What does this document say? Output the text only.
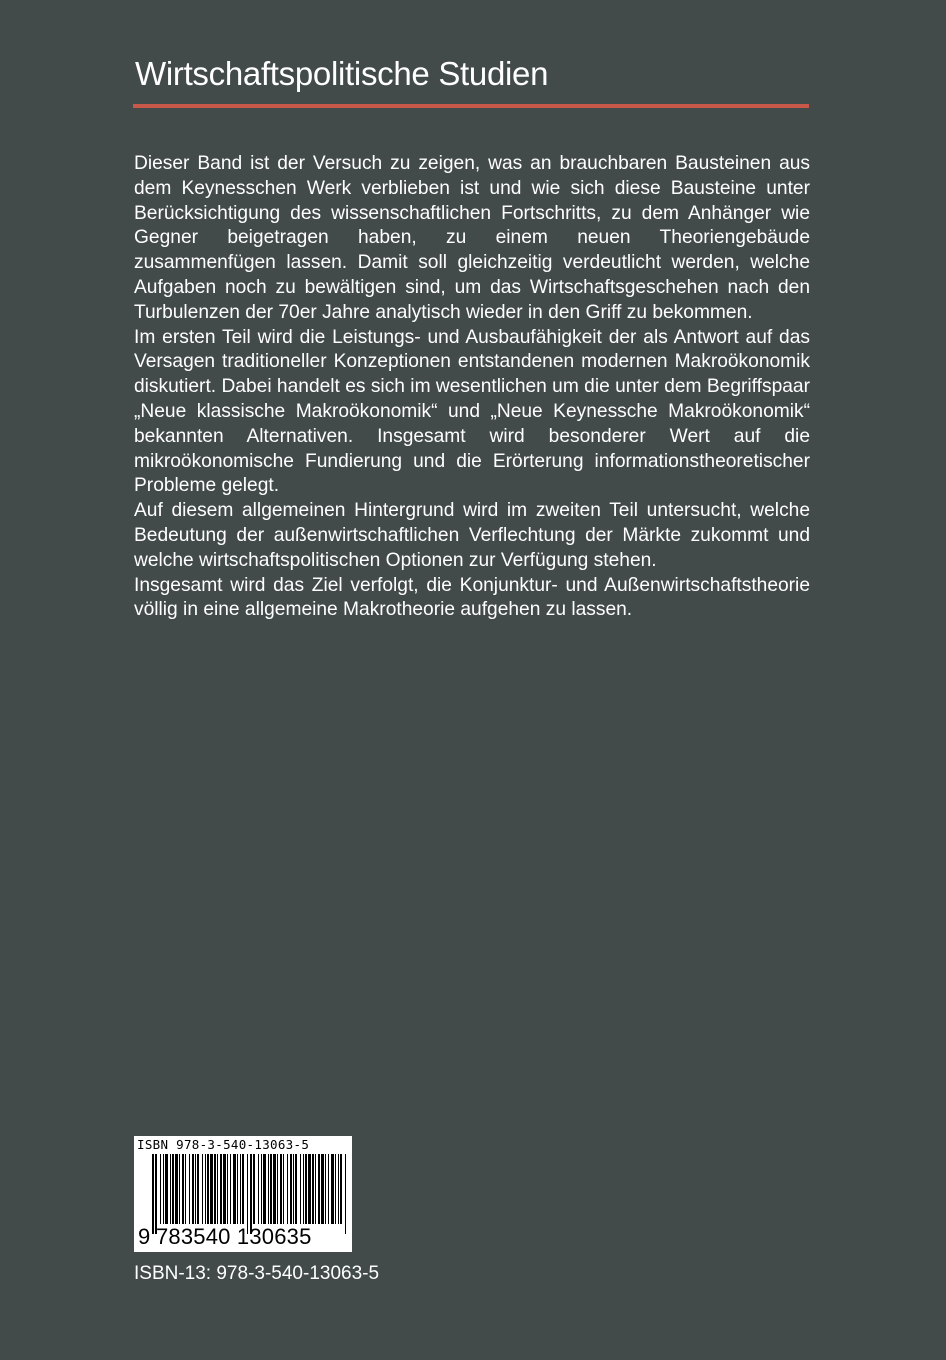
Wirtschaftspolitische Studien

Dieser Band ist der Versuch zu zeigen, was an brauchbaren Bausteinen aus dem Keynesschen Werk verblieben ist und wie sich diese Bausteine unter Berücksichtigung des wissenschaftlichen Fortschritts, zu dem Anhänger wie Gegner beigetragen haben, zu einem neuen Theoriengebäude zusammenfügen lassen. Damit soll gleichzeitig verdeutlicht werden, welche Aufgaben noch zu bewältigen sind, um das Wirtschaftsgeschehen nach den Turbulenzen der 70er Jahre analytisch wieder in den Griff zu bekommen.

Im ersten Teil wird die Leistungs- und Ausbaufähigkeit der als Antwort auf das Versagen traditioneller Konzeptionen entstandenen modernen Makroökonomik diskutiert. Dabei handelt es sich im wesentlichen um die unter dem Begriffspaar „Neue klassische Makroökonomik“ und „Neue Keynessche Makroökonomik“ bekannten Alternativen. Insgesamt wird besonderer Wert auf die mikroökonomische Fundierung und die Erörterung informationstheoretischer Probleme gelegt.

Auf diesem allgemeinen Hintergrund wird im zweiten Teil untersucht, welche Bedeutung der außenwirtschaftlichen Verflechtung der Märkte zukommt und welche wirtschaftspolitischen Optionen zur Verfügung stehen.

Insgesamt wird das Ziel verfolgt, die Konjunktur- und Außenwirtschaftstheorie völlig in eine allgemeine Makrotheorie aufgehen zu lassen.

ISBN 978-3-540-13063-5
9 783540 130635
ISBN-13: 978-3-540-13063-5
